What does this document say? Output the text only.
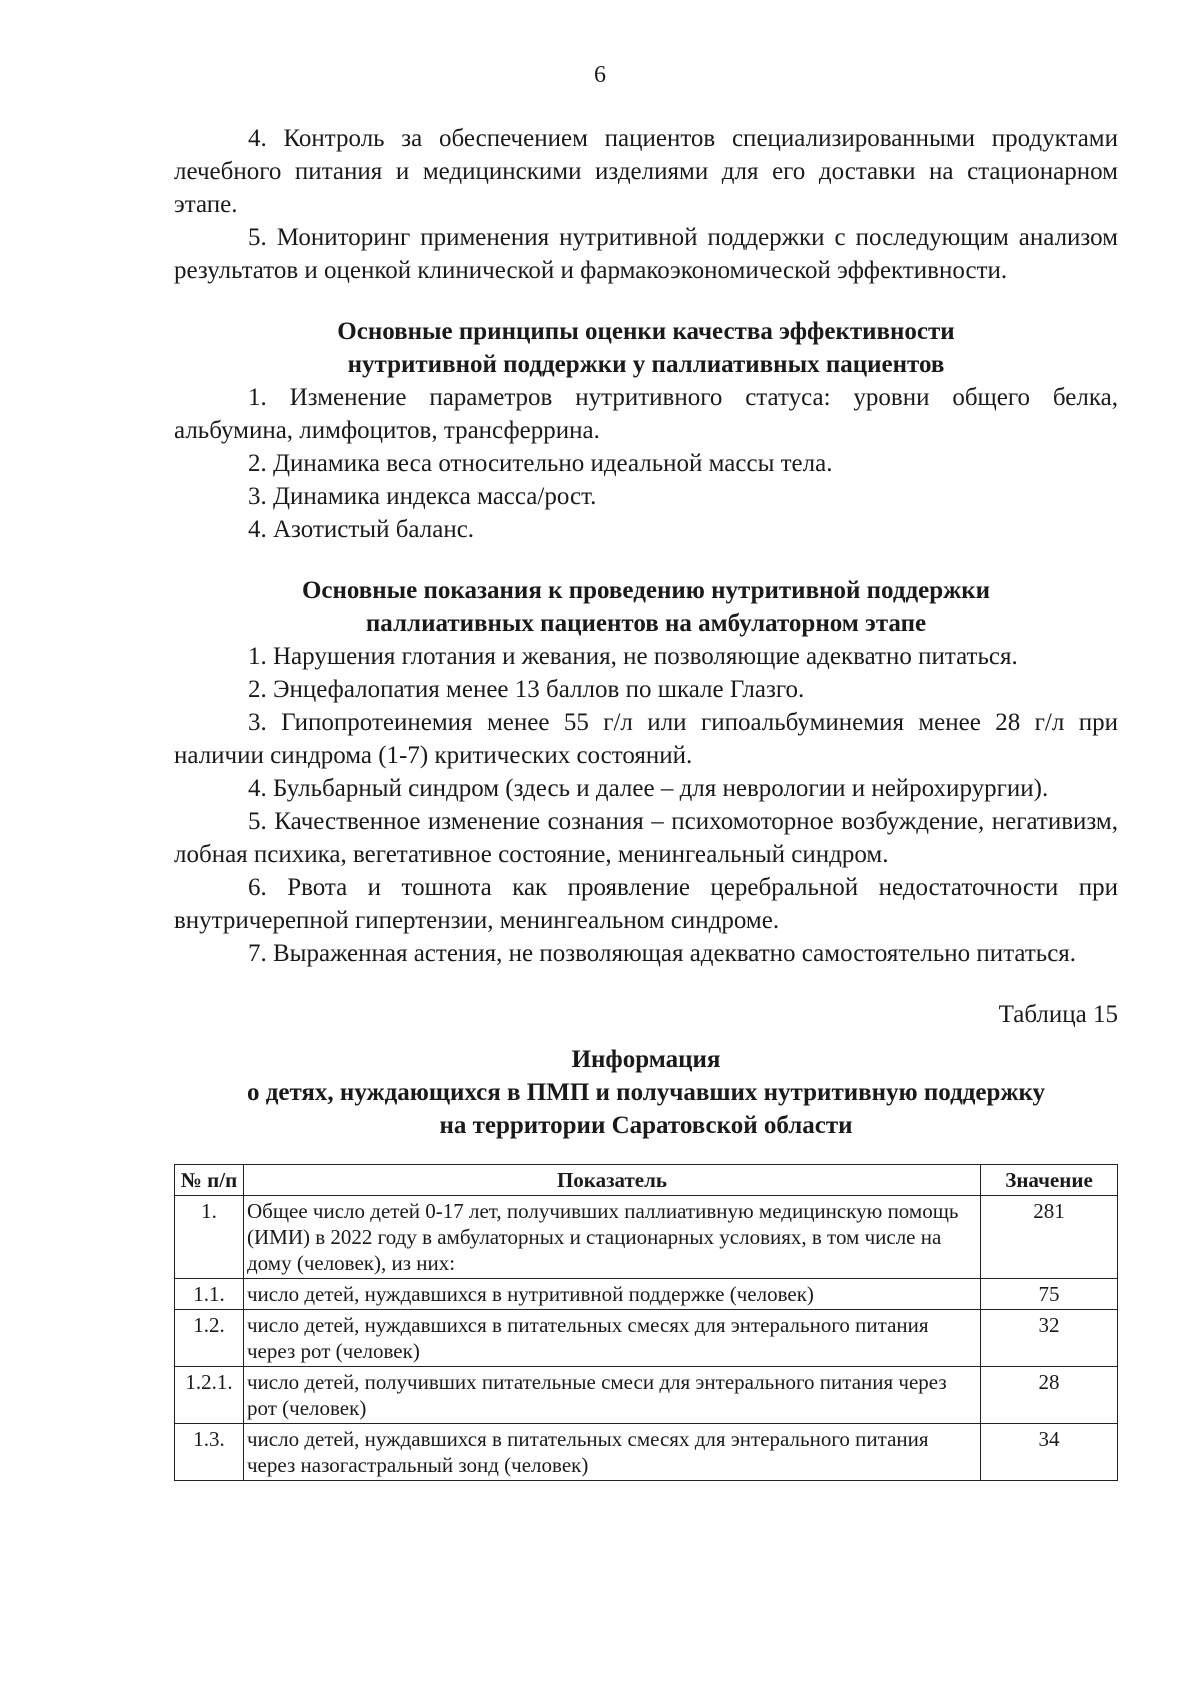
6

4. Контроль за обеспечением пациентов специализированными продуктами лечебного питания и медицинскими изделиями для его доставки на стационарном этапе.

5. Мониторинг применения нутритивной поддержки с последующим анализом результатов и оценкой клинической и фармакоэкономической эффективности.

Основные принципы оценки качества эффективности

нутритивной поддержки у паллиативных пациентов

1. Изменение параметров нутритивного статуса: уровни общего белка, альбумина, лимфоцитов, трансферрина.

2. Динамика веса относительно идеальной массы тела.

3. Динамика индекса масса/рост.

4. Азотистый баланс.

Основные показания к проведению нутритивной поддержки

паллиативных пациентов на амбулаторном этапе

1. Нарушения глотания и жевания, не позволяющие адекватно питаться.

2. Энцефалопатия менее 13 баллов по шкале Глазго.

3. Гипопротеинемия менее 55 г/л или гипоальбуминемия менее 28 г/л при наличии синдрома (1-7) критических состояний.

4. Бульбарный синдром (здесь и далее – для неврологии и нейрохирургии).

5. Качественное изменение сознания – психомоторное возбуждение, негативизм, лобная психика, вегетативное состояние, менингеальный синдром.

6. Рвота и тошнота как проявление церебральной недостаточности при внутричерепной гипертензии, менингеальном синдроме.

7. Выраженная астения, не позволяющая адекватно самостоятельно питаться.

Таблица 15
Информация
о детях, нуждающихся в ПМП и получавших нутритивную поддержку
на территории Саратовской области
№ п/п	Показатель	Значение
1.	Общее число детей 0-17 лет, получивших паллиативную медицинскую помощь (ИМИ) в 2022 году в амбулаторных и стационарных условиях, в том числе на дому (человек), из них:	281
1.1.	число детей, нуждавшихся в нутритивной поддержке (человек)	75
1.2.	число детей, нуждавшихся в питательных смесях для энтерального питания через рот (человек)	32
1.2.1.	число детей, получивших питательные смеси для энтерального питания через рот (человек)	28
1.3.	число детей, нуждавшихся в питательных смесях для энтерального питания через назогастральный зонд (человек)	34
